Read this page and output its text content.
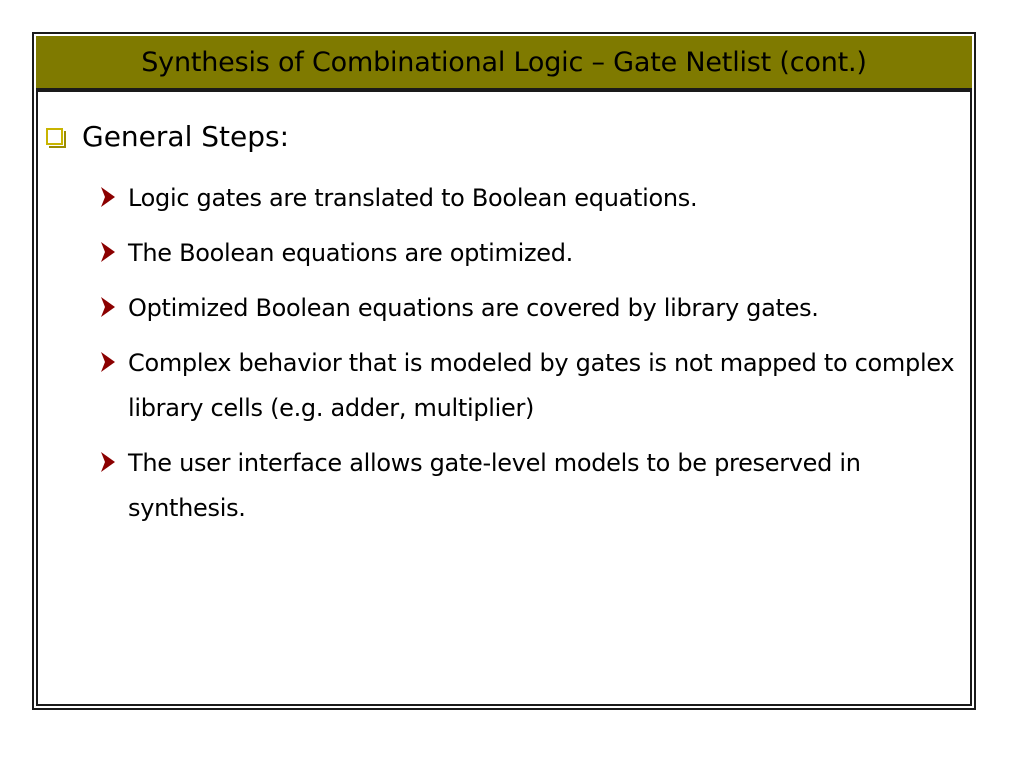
Synthesis of Combinational Logic – Gate Netlist (cont.)
General Steps:
Logic gates are translated to Boolean equations.
The Boolean equations are optimized.
Optimized Boolean equations are covered by library gates.
Complex behavior that is modeled by gates is not mapped to complex library cells (e.g. adder, multiplier)
The user interface allows gate-level models to be preserved in synthesis.
